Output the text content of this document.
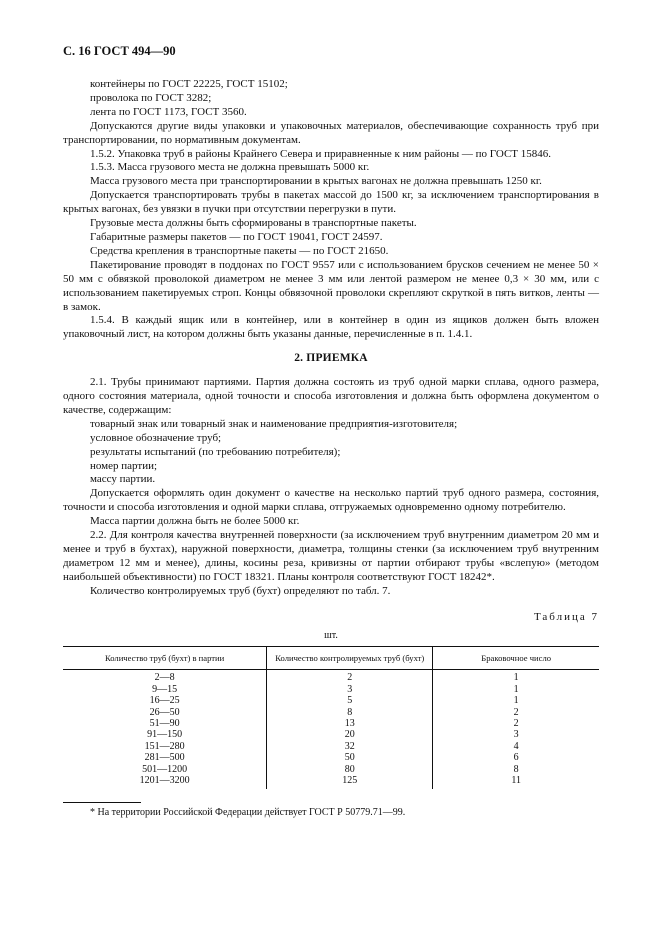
С. 16 ГОСТ 494—90

контейнеры по ГОСТ 22225, ГОСТ 15102;

проволока по ГОСТ 3282;

лента по ГОСТ 1173, ГОСТ 3560.

Допускаются другие виды упаковки и упаковочных материалов, обеспечивающие сохранность труб при транспортировании, по нормативным документам.

1.5.2. Упаковка труб в районы Крайнего Севера и приравненные к ним районы — по ГОСТ 15846.

1.5.3. Масса грузового места не должна превышать 5000 кг.

Масса грузового места при транспортировании в крытых вагонах не должна превышать 1250 кг.

Допускается транспортировать трубы в пакетах массой до 1500 кг, за исключением транспортирования в крытых вагонах, без увязки в пучки при отсутствии перегрузки в пути.

Грузовые места должны быть сформированы в транспортные пакеты.

Габаритные размеры пакетов — по ГОСТ 19041, ГОСТ 24597.

Средства крепления в транспортные пакеты — по ГОСТ 21650.

Пакетирование проводят в поддонах по ГОСТ 9557 или с использованием брусков сечением не менее 50 × 50 мм с обвязкой проволокой диаметром не менее 3 мм или лентой размером не менее 0,3 × 30 мм, или с использованием пакетируемых строп. Концы обвязочной проволоки скрепляют скруткой в пять витков, ленты — в замок.

1.5.4. В каждый ящик или в контейнер, или в контейнер в один из ящиков должен быть вложен упаковочный лист, на котором должны быть указаны данные, перечисленные в п. 1.4.1.

2. ПРИЕМКА

2.1. Трубы принимают партиями. Партия должна состоять из труб одной марки сплава, одного размера, одного состояния материала, одной точности и способа изготовления и должна быть оформлена документом о качестве, содержащим:

товарный знак или товарный знак и наименование предприятия-изготовителя;

условное обозначение труб;

результаты испытаний (по требованию потребителя);

номер партии;

массу партии.

Допускается оформлять один документ о качестве на несколько партий труб одного размера, состояния, точности и способа изготовления и одной марки сплава, отгружаемых одновременно одному потребителю.

Масса партии должна быть не более 5000 кг.

2.2. Для контроля качества внутренней поверхности (за исключением труб внутренним диаметром 20 мм и менее и труб в бухтах), наружной поверхности, диаметра, толщины стенки (за исключением труб внутренним диаметром 12 мм и менее), длины, косины реза, кривизны от партии отбирают трубы «вслепую» (методом наибольшей объективности) по ГОСТ 18321. Планы контроля соответствуют ГОСТ 18242*.

Количество контролируемых труб (бухт) определяют по табл. 7.

Таблица 7

шт.

Количество труб (бухт) в партии	Количество контролируемых труб (бухт)	Браковочное число
2—8	2	1
9—15	3	1
16—25	5	1
26—50	8	2
51—90	13	2
91—150	20	3
151—280	32	4
281—500	50	6
501—1200	80	8
1201—3200	125	11
* На территории Российской Федерации действует ГОСТ Р 50779.71—99.
